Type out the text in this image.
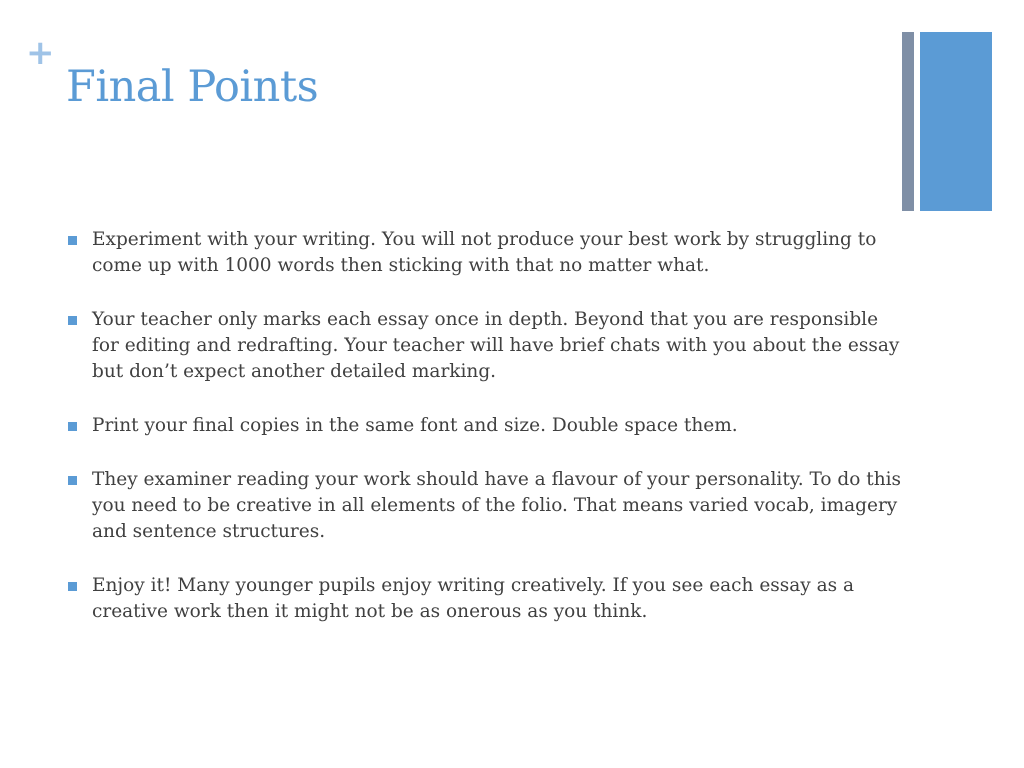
+
Final Points
Experiment with your writing. You will not produce your best work by struggling to come up with 1000 words then sticking with that no matter what.
Your teacher only marks each essay once in depth. Beyond that you are responsible for editing and redrafting. Your teacher will have brief chats with you about the essay but don’t expect another detailed marking.
Print your final copies in the same font and size. Double space them.
They examiner reading your work should have a flavour of your personality. To do this you need to be creative in all elements of the folio. That means varied vocab, imagery and sentence structures.
Enjoy it! Many younger pupils enjoy writing creatively. If you see each essay as a creative work then it might not be as onerous as you think.
